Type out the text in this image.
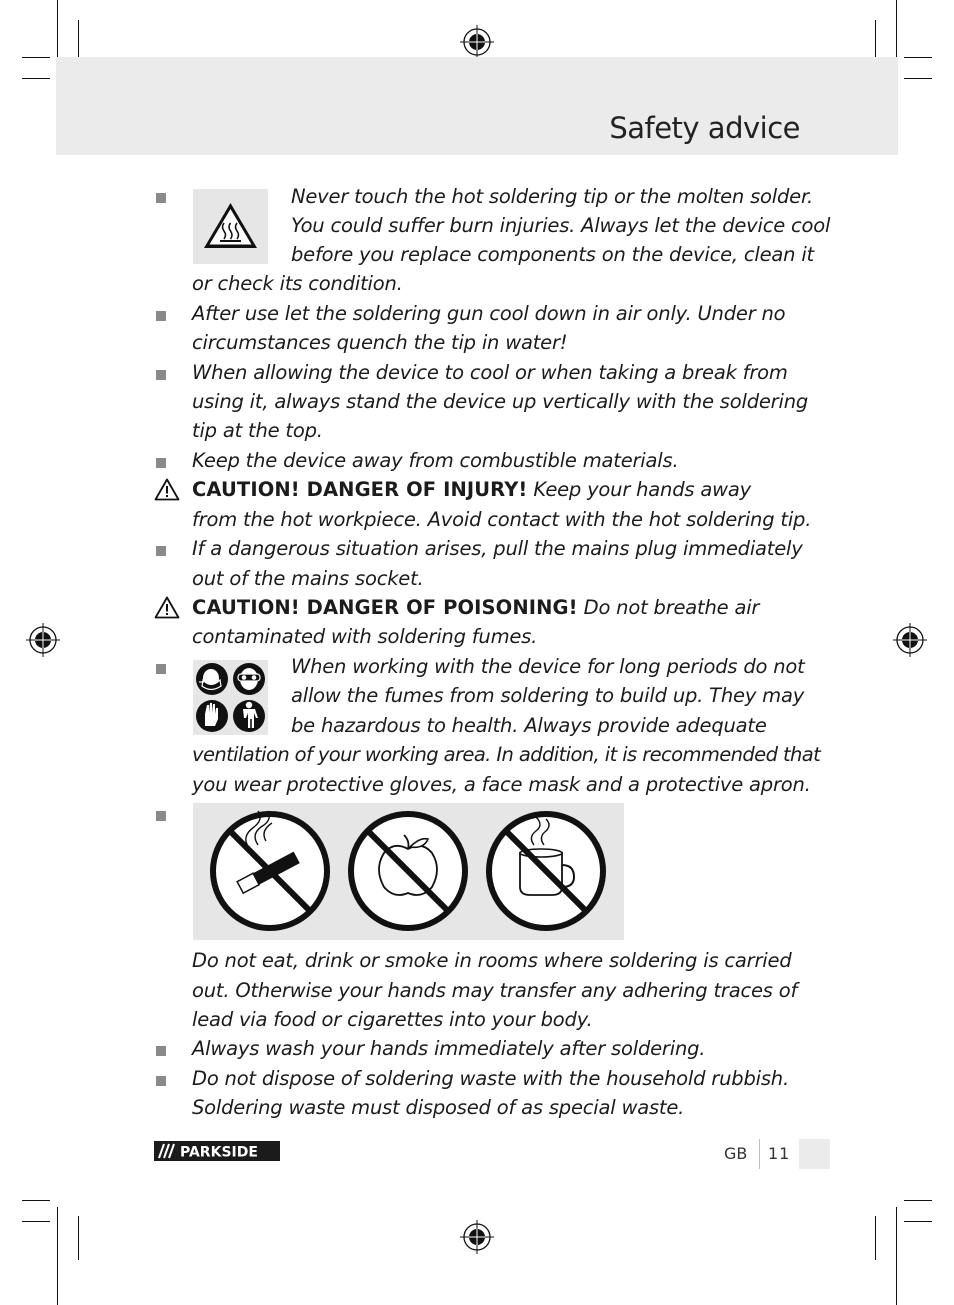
Safety advice
Never touch the hot soldering tip or the molten solder.
You could suffer burn injuries. Always let the device cool
before you replace components on the device, clean it
or check its condition.
After use let the soldering gun cool down in air only. Under no
circumstances quench the tip in water!
When allowing the device to cool or when taking a break from
using it, always stand the device up vertically with the soldering
tip at the top.
Keep the device away from combustible materials.
CAUTION! DANGER OF INJURY! Keep your hands away
from the hot workpiece. Avoid contact with the hot soldering tip.
If a dangerous situation arises, pull the mains plug immediately
out of the mains socket.
CAUTION! DANGER OF POISONING! Do not breathe air
contaminated with soldering fumes.
When working with the device for long periods do not
allow the fumes from soldering to build up. They may
be hazardous to health. Always provide adequate
ventilation of your working area. In addition, it is recommended that
you wear protective gloves, a face mask and a protective apron.
Do not eat, drink or smoke in rooms where soldering is carried
out. Otherwise your hands may transfer any adhering traces of
lead via food or cigarettes into your body.
Always wash your hands immediately after soldering.
Do not dispose of soldering waste with the household rubbish.
Soldering waste must disposed of as special waste.
PARKSIDE	GB 11
